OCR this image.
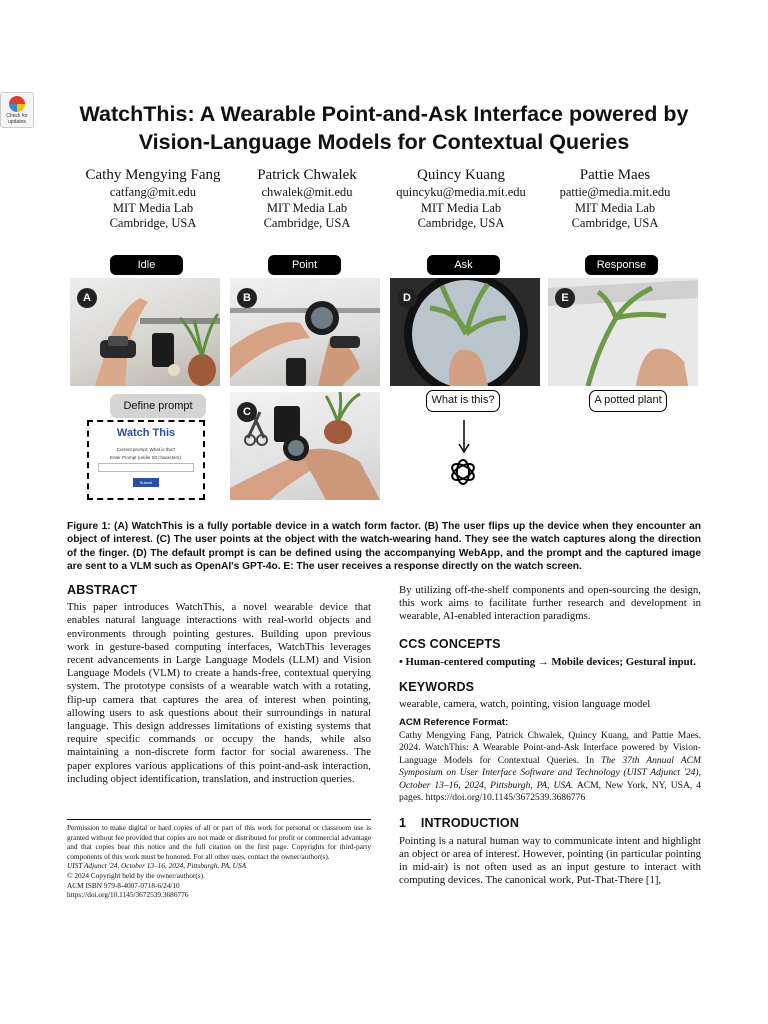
Check for updates	WatchThis: A Wearable Point-and-Ask Interface powered by Vision-Language Models for Contextual Queries
Cathy Mengying Fang
catfang@mit.edu
MIT Media Lab
Cambridge, USA
Patrick Chwalek
chwalek@mit.edu
MIT Media Lab
Cambridge, USA
Quincy Kuang
quincyku@media.mit.edu
MIT Media Lab
Cambridge, USA
Pattie Maes
pattie@media.mit.edu
MIT Media Lab
Cambridge, USA
Idle	Point	Ask	Response
A	B
C
D	E
Define prompt
Watch This
Current prompt: What is this?
Enter Prompt (under 50 characters):
Submit
What is this?	A potted plant
Figure 1: (A) WatchThis is a fully portable device in a watch form factor. (B) The user flips up the device when they encounter an object of interest. (C) The user points at the object with the watch-wearing hand. They see the watch captures along the direction of the finger. (D) The default prompt is can be defined using the accompanying WebApp, and the prompt and the captured image are sent to a VLM such as OpenAI's GPT-4o. E: The user receives a response directly on the watch screen.
ABSTRACT
This paper introduces WatchThis, a novel wearable device that enables natural language interactions with real-world objects and environments through pointing gestures. Building upon previous work in gesture-based computing interfaces, WatchThis leverages recent advancements in Large Language Models (LLM) and Vision Language Models (VLM) to create a hands-free, contextual querying system. The prototype consists of a wearable watch with a rotating, flip-up camera that captures the area of interest when pointing, allowing users to ask questions about their surroundings in natural language. This design addresses limitations of existing systems that require specific commands or occupy the hands, while also maintaining a non-discrete form factor for social awareness. The paper explores various applications of this point-and-ask interaction, including object identification, translation, and instruction queries.
Permission to make digital or hard copies of all or part of this work for personal or classroom use is granted without fee provided that copies are not made or distributed for profit or commercial advantage and that copies bear this notice and the full citation on the first page. Copyrights for third-party components of this work must be honored. For all other uses, contact the owner/author(s).
UIST Adjunct '24, October 13–16, 2024, Pittsburgh, PA, USA
© 2024 Copyright held by the owner/author(s).
ACM ISBN 979-8-4007-0718-6/24/10
https://doi.org/10.1145/3672539.3686776
By utilizing off-the-shelf components and open-sourcing the design, this work aims to facilitate further research and development in wearable, AI-enabled interaction paradigms.
CCS CONCEPTS
• Human-centered computing → Mobile devices; Gestural input.
KEYWORDS
wearable, camera, watch, pointing, vision language model
ACM Reference Format:
Cathy Mengying Fang, Patrick Chwalek, Quincy Kuang, and Pattie Maes. 2024. WatchThis: A Wearable Point-and-Ask Interface powered by Vision-Language Models for Contextual Queries. In The 37th Annual ACM Symposium on User Interface Software and Technology (UIST Adjunct '24), October 13–16, 2024, Pittsburgh, PA, USA. ACM, New York, NY, USA, 4 pages. https://doi.org/10.1145/3672539.3686776
1 INTRODUCTION
Pointing is a natural human way to communicate intent and highlight an object or area of interest. However, pointing (in particular pointing in mid-air) is not often used as an input gesture to interact with computing devices. The canonical work, Put-That-There [1],
